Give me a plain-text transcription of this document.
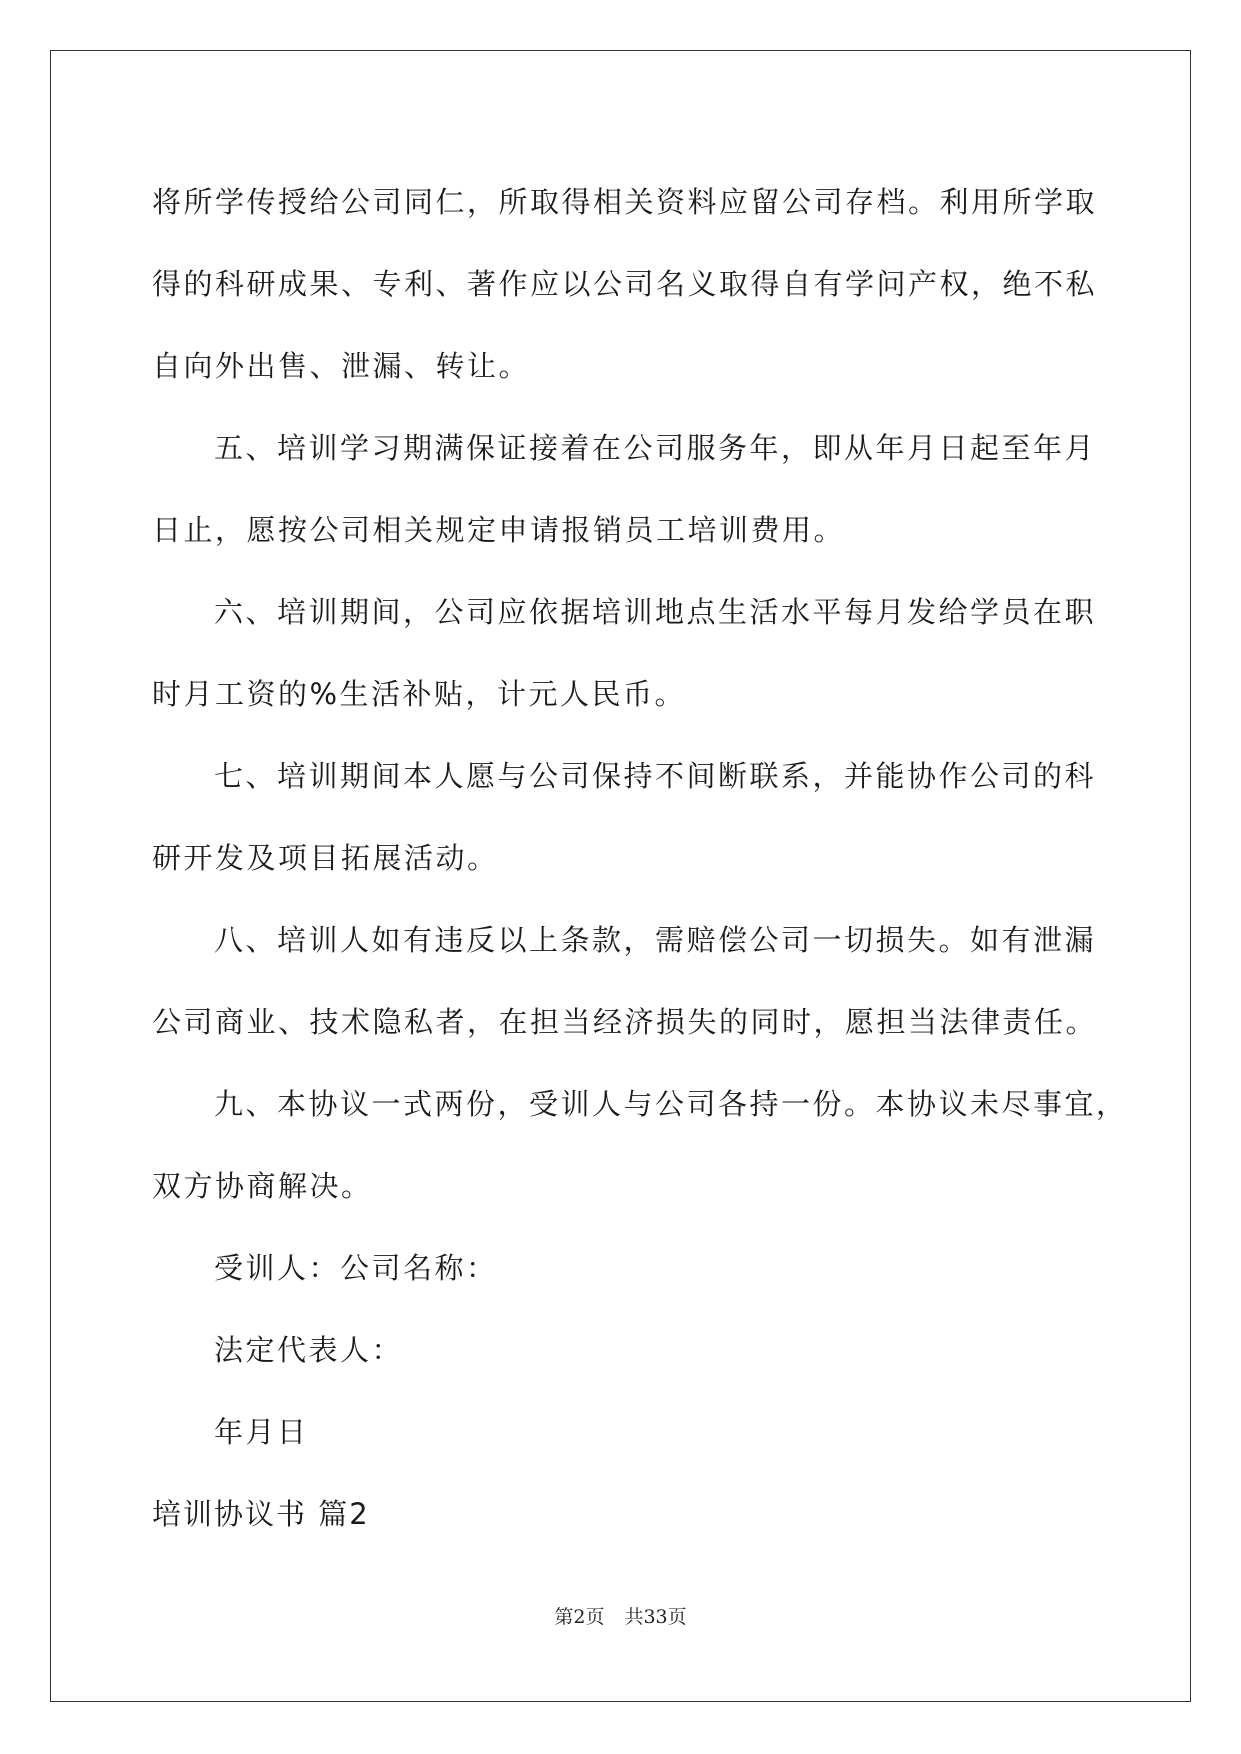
将所学传授给公司同仁，所取得相关资料应留公司存档。利用所学取
得的科研成果、专利、著作应以公司名义取得自有学问产权，绝不私
自向外出售、泄漏、转让。

五、培训学习期满保证接着在公司服务年，即从年月日起至年月
日止，愿按公司相关规定申请报销员工培训费用。

六、培训期间，公司应依据培训地点生活水平每月发给学员在职
时月工资的%生活补贴，计元人民币。

七、培训期间本人愿与公司保持不间断联系，并能协作公司的科
研开发及项目拓展活动。

八、培训人如有违反以上条款，需赔偿公司一切损失。如有泄漏
公司商业、技术隐私者，在担当经济损失的同时，愿担当法律责任。

九、本协议一式两份，受训人与公司各持一份。本协议未尽事宜，
双方协商解决。

受训人：公司名称：

法定代表人：

年月日

培训协议书 篇2

第2页 共33页
